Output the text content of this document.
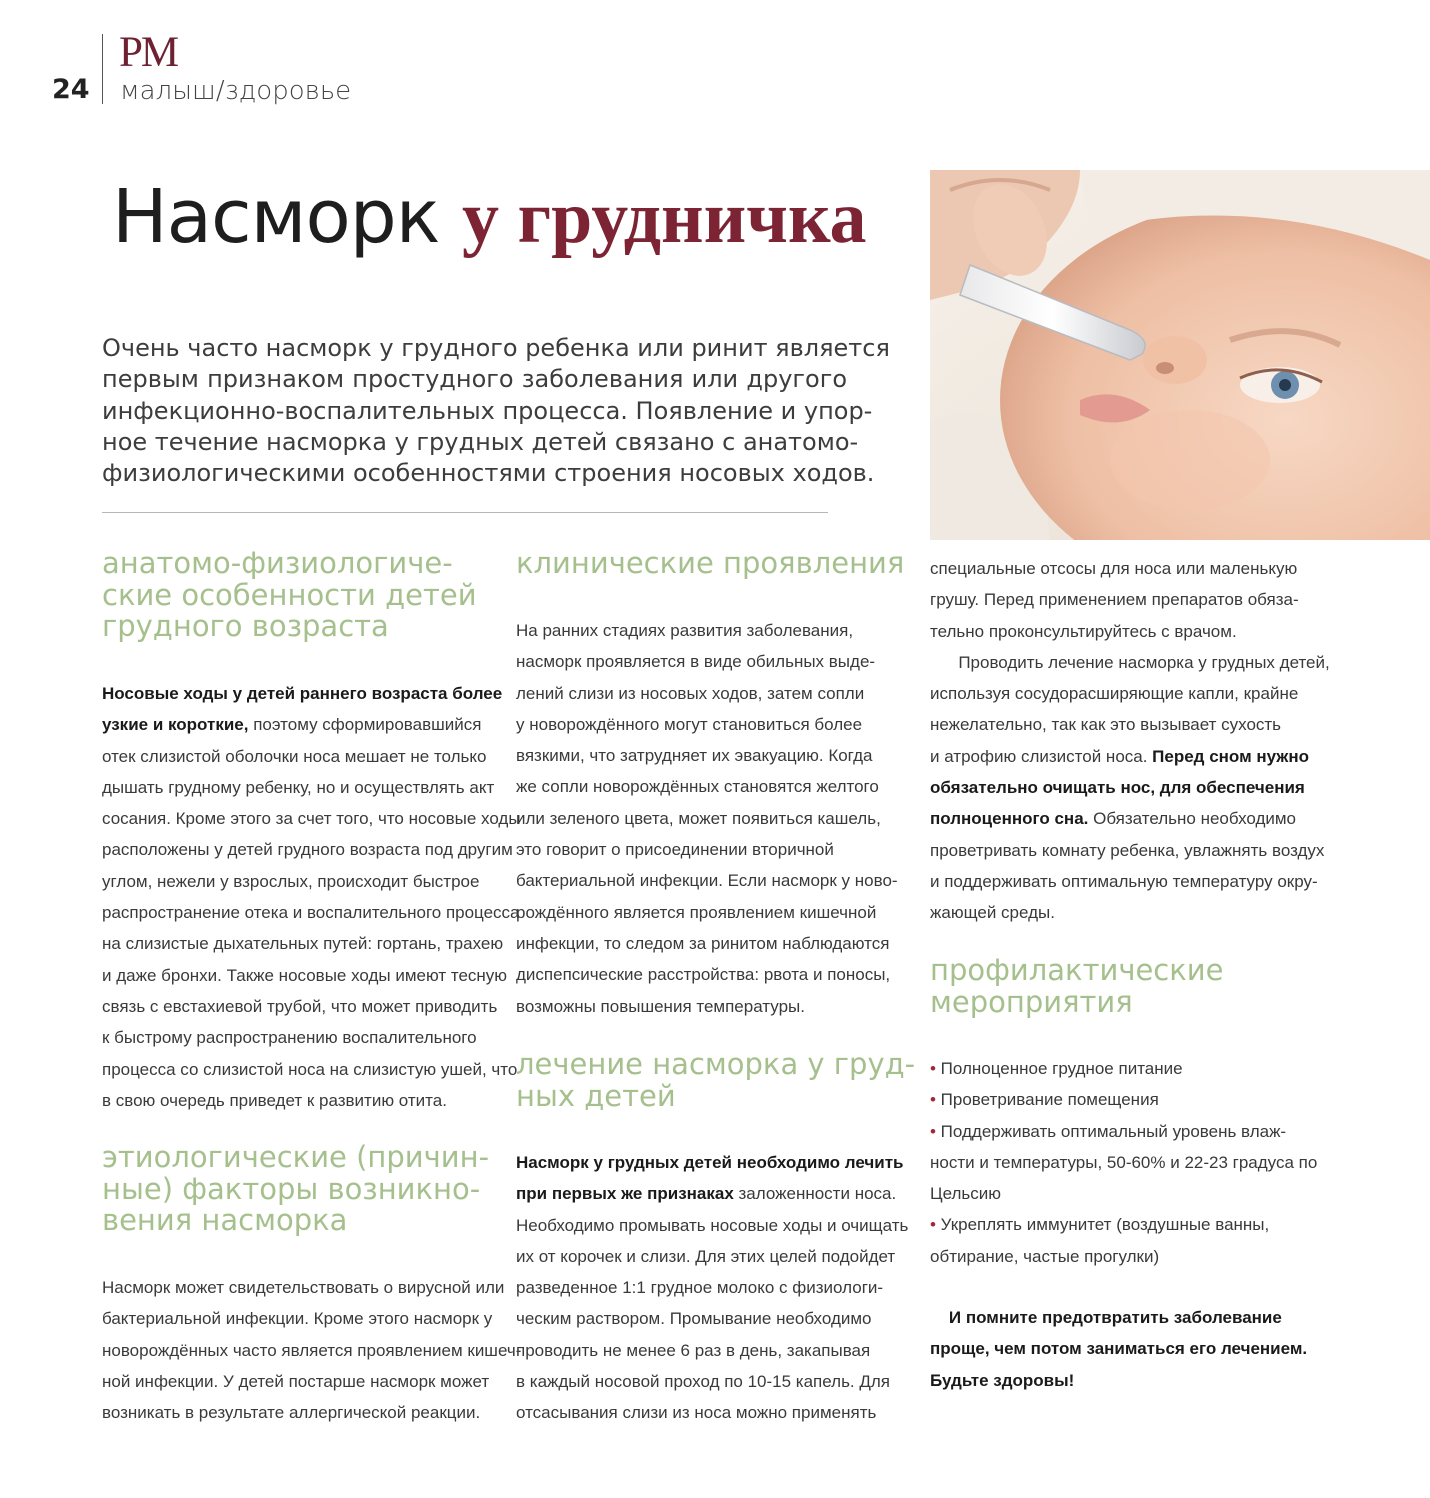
24
PM
малыш/здоровье
Насморк у грудничка
Очень часто насморк у грудного ребенка или ринит является
первым признаком простудного заболевания или другого
инфекционно-воспалительных процесса. Появление и упор-
ное течение насморка у грудных детей связано с анатомо-
физиологическими особенностями строения носовых ходов.
анатомо-физиологиче-
ские особенности детей
грудного возраста
Носовые ходы у детей раннего возраста более
узкие и короткие, поэтому сформировавшийся
отек слизистой оболочки носа мешает не только
дышать грудному ребенку, но и осуществлять акт
сосания. Кроме этого за счет того, что носовые ходы
расположены у детей грудного возраста под другим
углом, нежели у взрослых, происходит быстрое
распространение отека и воспалительного процесса
на слизистые дыхательных путей: гортань, трахею
и даже бронхи. Также носовые ходы имеют тесную
связь с евстахиевой трубой, что может приводить
к быстрому распространению воспалительного
процесса со слизистой носа на слизистую ушей, что
в свою очередь приведет к развитию отита.
этиологические (причин-
ные) факторы возникно-
вения насморка
Насморк может свидетельствовать о вирусной или
бактериальной инфекции. Кроме этого насморк у
новорождённых часто является проявлением кишеч-
ной инфекции. У детей постарше насморк может
возникать в результате аллергической реакции.
клинические проявления
На ранних стадиях развития заболевания,
насморк проявляется в виде обильных выде-
лений слизи из носовых ходов, затем сопли
у новорождённого могут становиться более
вязкими, что затрудняет их эвакуацию. Когда
же сопли новорождённых становятся желтого
или зеленого цвета, может появиться кашель,
это говорит о присоединении вторичной
бактериальной инфекции. Если насморк у ново-
рождённого является проявлением кишечной
инфекции, то следом за ринитом наблюдаются
диспепсические расстройства: рвота и поносы,
возможны повышения температуры.
лечение насморка у груд-
ных детей
Насморк у грудных детей необходимо лечить
при первых же признаках заложенности носа.
Необходимо промывать носовые ходы и очищать
их от корочек и слизи. Для этих целей подойдет
разведенное 1:1 грудное молоко с физиологи-
ческим раствором. Промывание необходимо
проводить не менее 6 раз в день, закапывая
в каждый носовой проход по 10-15 капель. Для
отсасывания слизи из носа можно применять
специальные отсосы для носа или маленькую
грушу. Перед применением препаратов обяза-
тельно проконсультируйтесь с врачом.
Проводить лечение насморка у грудных детей,
используя сосудорасширяющие капли, крайне
нежелательно, так как это вызывает сухость
и атрофию слизистой носа. Перед сном нужно
обязательно очищать нос, для обеспечения
полноценного сна. Обязательно необходимо
проветривать комнату ребенка, увлажнять воздух
и поддерживать оптимальную температуру окру-
жающей среды.
профилактические
мероприятия
• Полноценное грудное питание
• Проветривание помещения
• Поддерживать оптимальный уровень влаж-
ности и температуры, 50-60% и 22-23 градуса по
Цельсию
• Укреплять иммунитет (воздушные ванны,
обтирание, частые прогулки)
И помните предотвратить заболевание
проще, чем потом заниматься его лечением.
Будьте здоровы!
